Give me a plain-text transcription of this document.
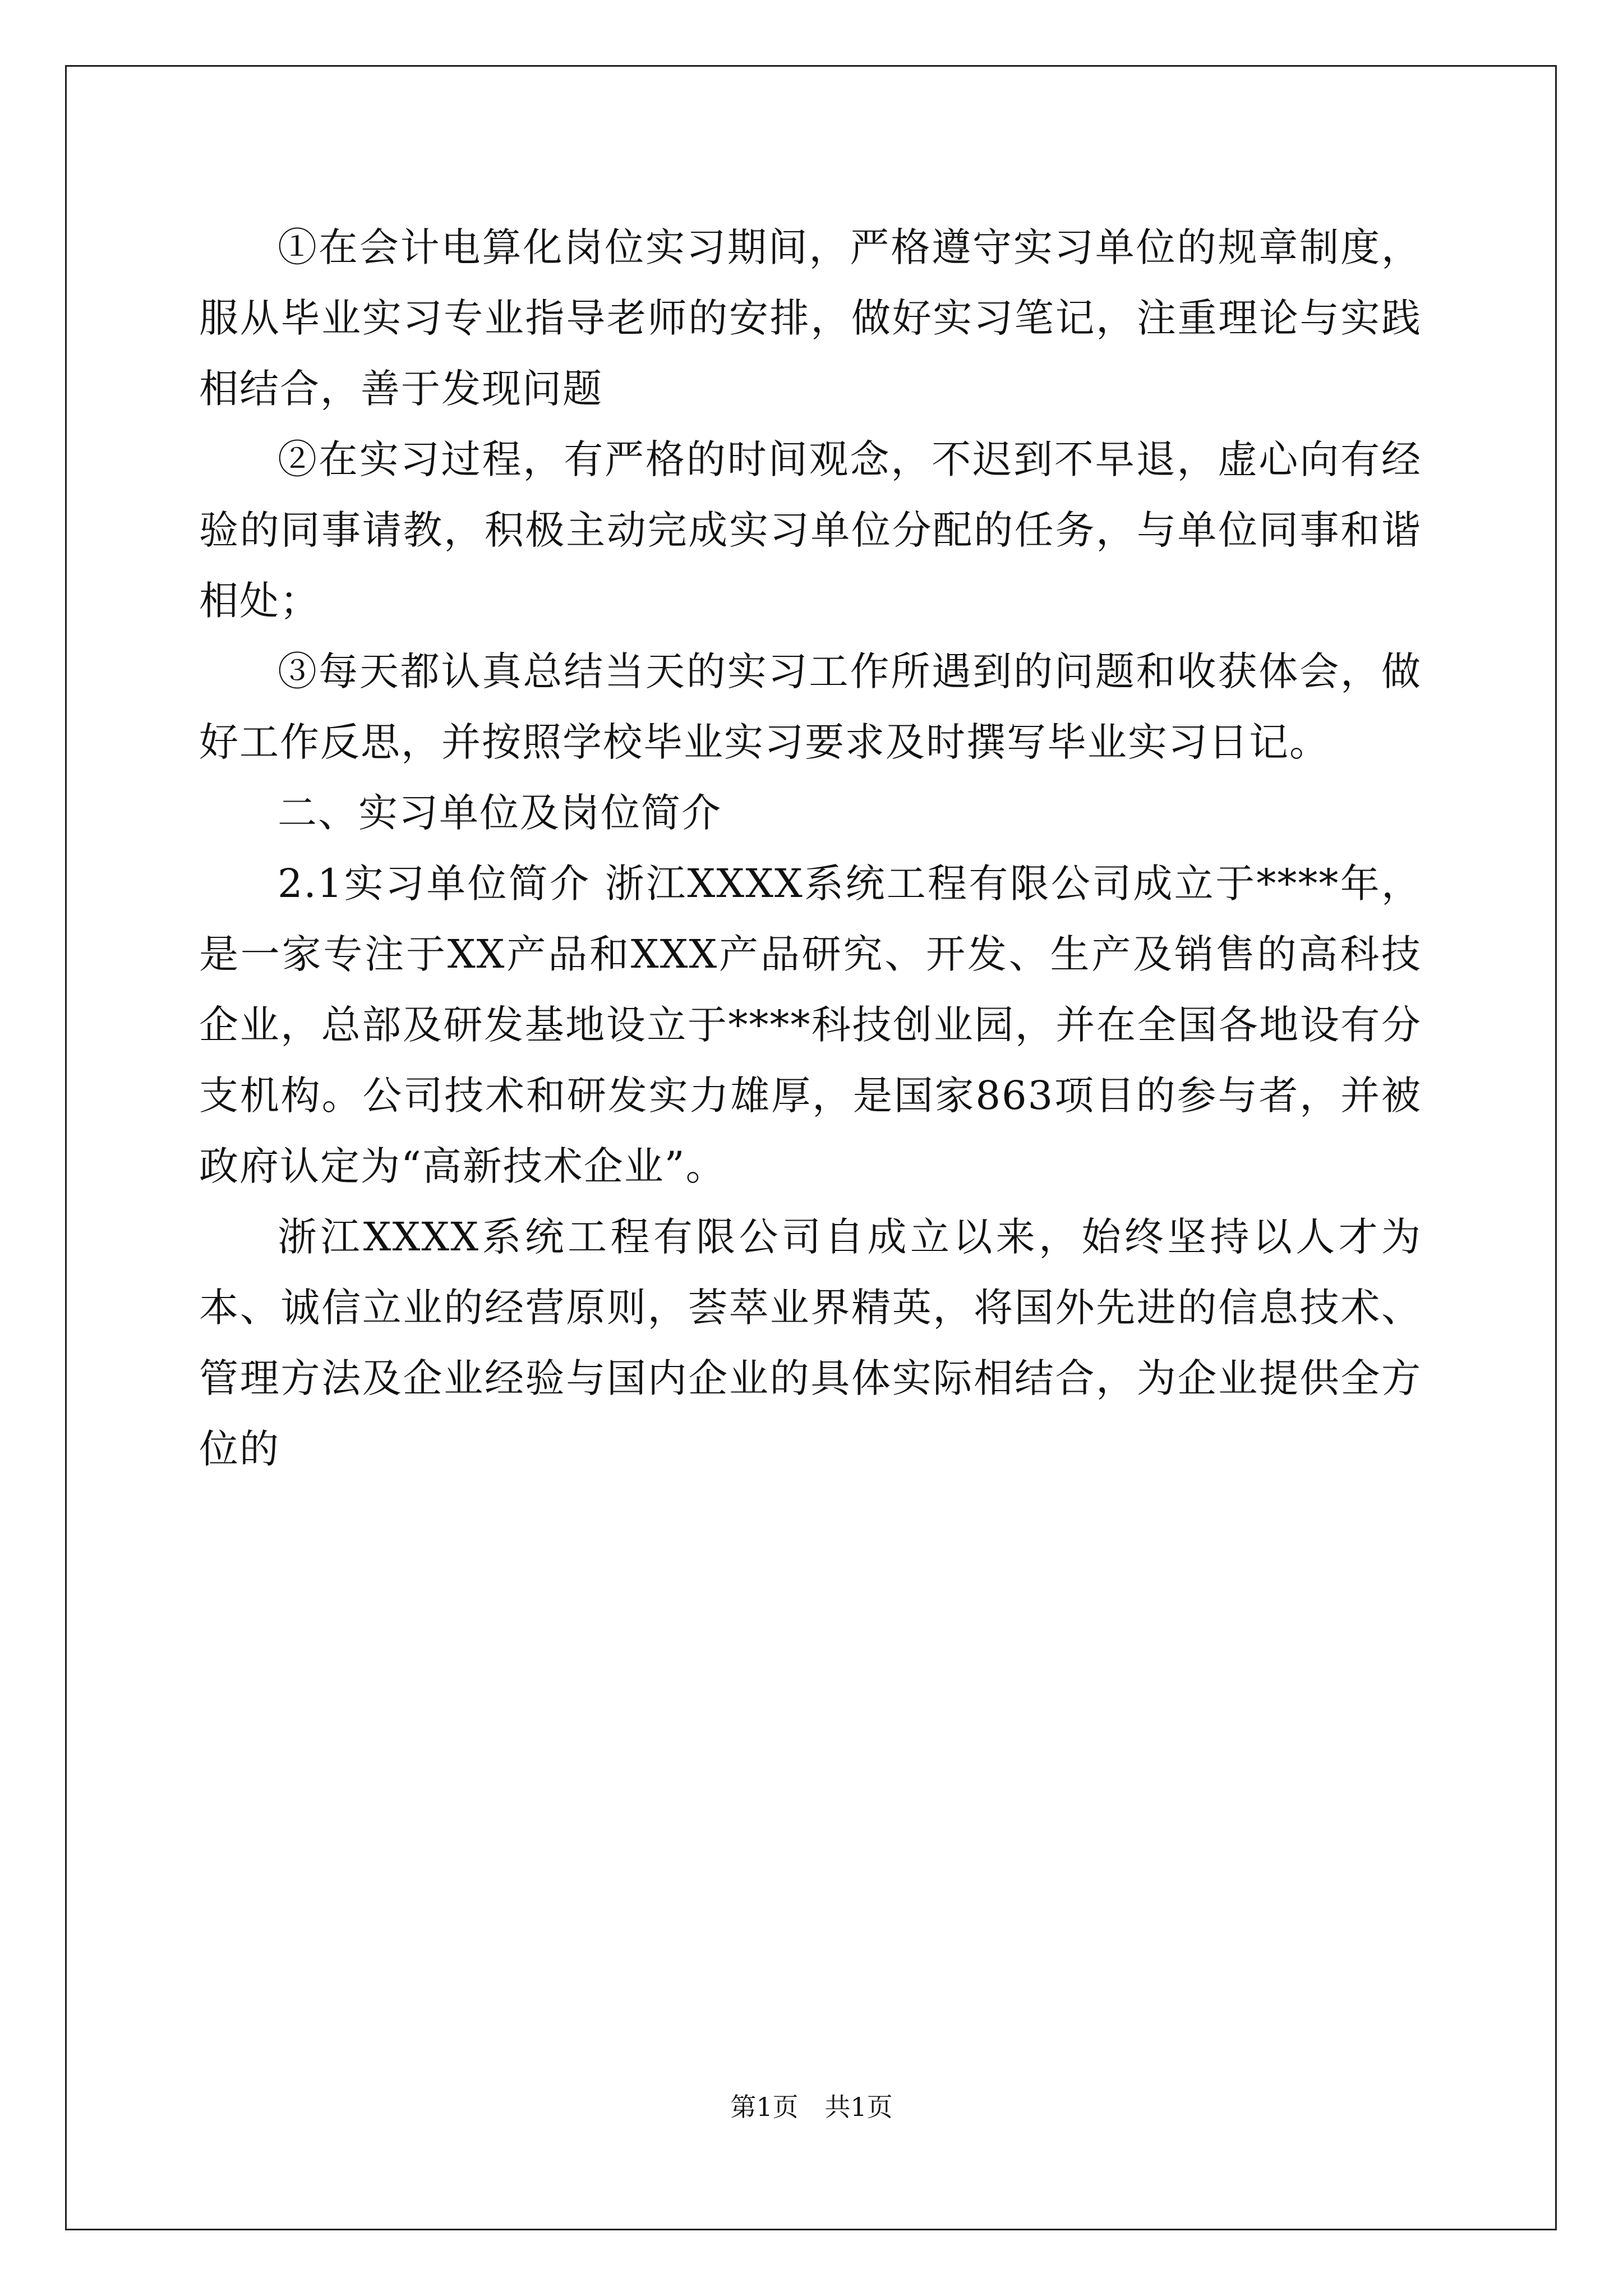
①在会计电算化岗位实习期间，严格遵守实习单位的规章制度，服从毕业实习专业指导老师的安排，做好实习笔记，注重理论与实践相结合，善于发现问题

②在实习过程，有严格的时间观念，不迟到不早退，虚心向有经验的同事请教，积极主动完成实习单位分配的任务，与单位同事和谐相处；

③每天都认真总结当天的实习工作所遇到的问题和收获体会，做好工作反思，并按照学校毕业实习要求及时撰写毕业实习日记。

二、实习单位及岗位简介

2.1实习单位简介 浙江XXXX系统工程有限公司成立于****年，是一家专注于XX产品和XXX产品研究、开发、生产及销售的高科技企业，总部及研发基地设立于****科技创业园，并在全国各地设有分支机构。公司技术和研发实力雄厚，是国家863项目的参与者，并被政府认定为“高新技术企业”。

浙江XXXX系统工程有限公司自成立以来，始终坚持以人才为本、诚信立业的经营原则，荟萃业界精英，将国外先进的信息技术、管理方法及企业经验与国内企业的具体实际相结合，为企业提供全方位的

第1页 共1页
